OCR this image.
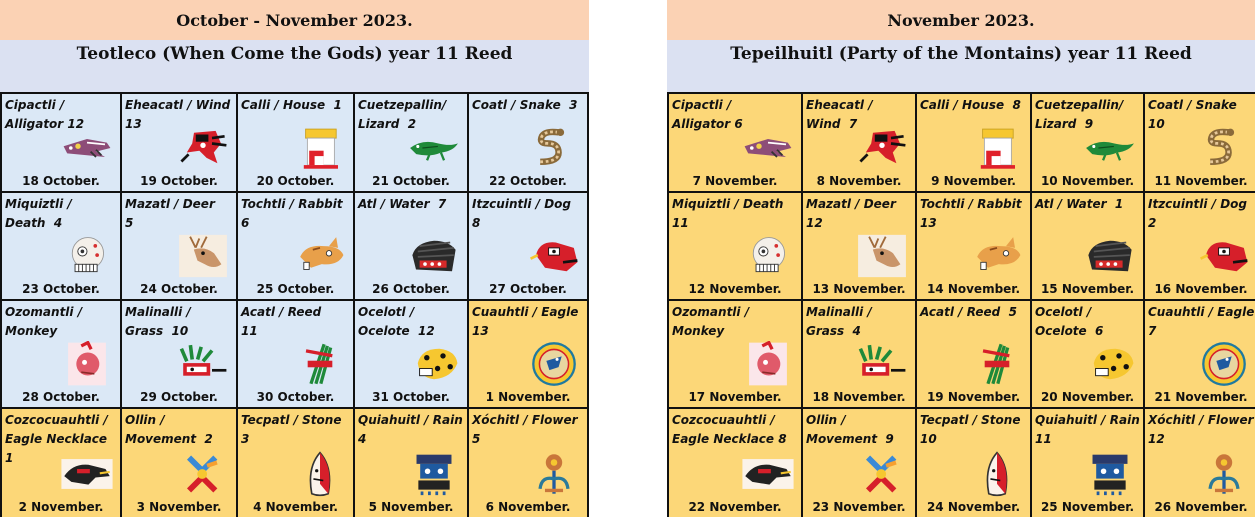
October - November 2023.
Teotleco (When Come the Gods) year 11 Reed
Cipactli /
Alligator 12
18 October.
Eheacatl / Wind
13
19 October.
Calli / House  1
20 October.
Cuetzepallin/
Lizard  2
21 October.
Coatl / Snake  3
22 October.
Miquiztli /
Death  4
23 October.
Mazatl / Deer
5
24 October.
Tochtli / Rabbit
6
25 October.
Atl / Water  7
26 October.
Itzcuintli / Dog
8
27 October.
Ozomantli /
Monkey
28 October.
Malinalli /
Grass  10
29 October.
Acatl / Reed
11
30 October.
Ocelotl /
Ocelote  12
31 October.
Cuauhtli / Eagle
13
1 November.
Cozcocuauhtli /
Eagle Necklace
1
2 November.
Ollin /
Movement  2
3 November.
Tecpatl / Stone
3
4 November.
Quiahuitl / Rain
4
5 November.
Xóchitl / Flower
5
6 November.
November 2023.
Tepeilhuitl (Party of the Montains) year 11 Reed
Cipactli /
Alligator 6
7 November.
Eheacatl /
Wind  7
8 November.
Calli / House  8
9 November.
Cuetzepallin/
Lizard  9
10 November.
Coatl / Snake
10
11 November.
Miquiztli / Death
11
12 November.
Mazatl / Deer
12
13 November.
Tochtli / Rabbit
13
14 November.
Atl / Water  1
15 November.
Itzcuintli / Dog
2
16 November.
Ozomantli /
Monkey
17 November.
Malinalli /
Grass  4
18 November.
Acatl / Reed  5
19 November.
Ocelotl /
Ocelote  6
20 November.
Cuauhtli / Eagle
7
21 November.
Cozcocuauhtli /
Eagle Necklace 8
22 November.
Ollin /
Movement  9
23 November.
Tecpatl / Stone
10
24 November.
Quiahuitl / Rain
11
25 November.
Xóchitl / Flower
12
26 November.
